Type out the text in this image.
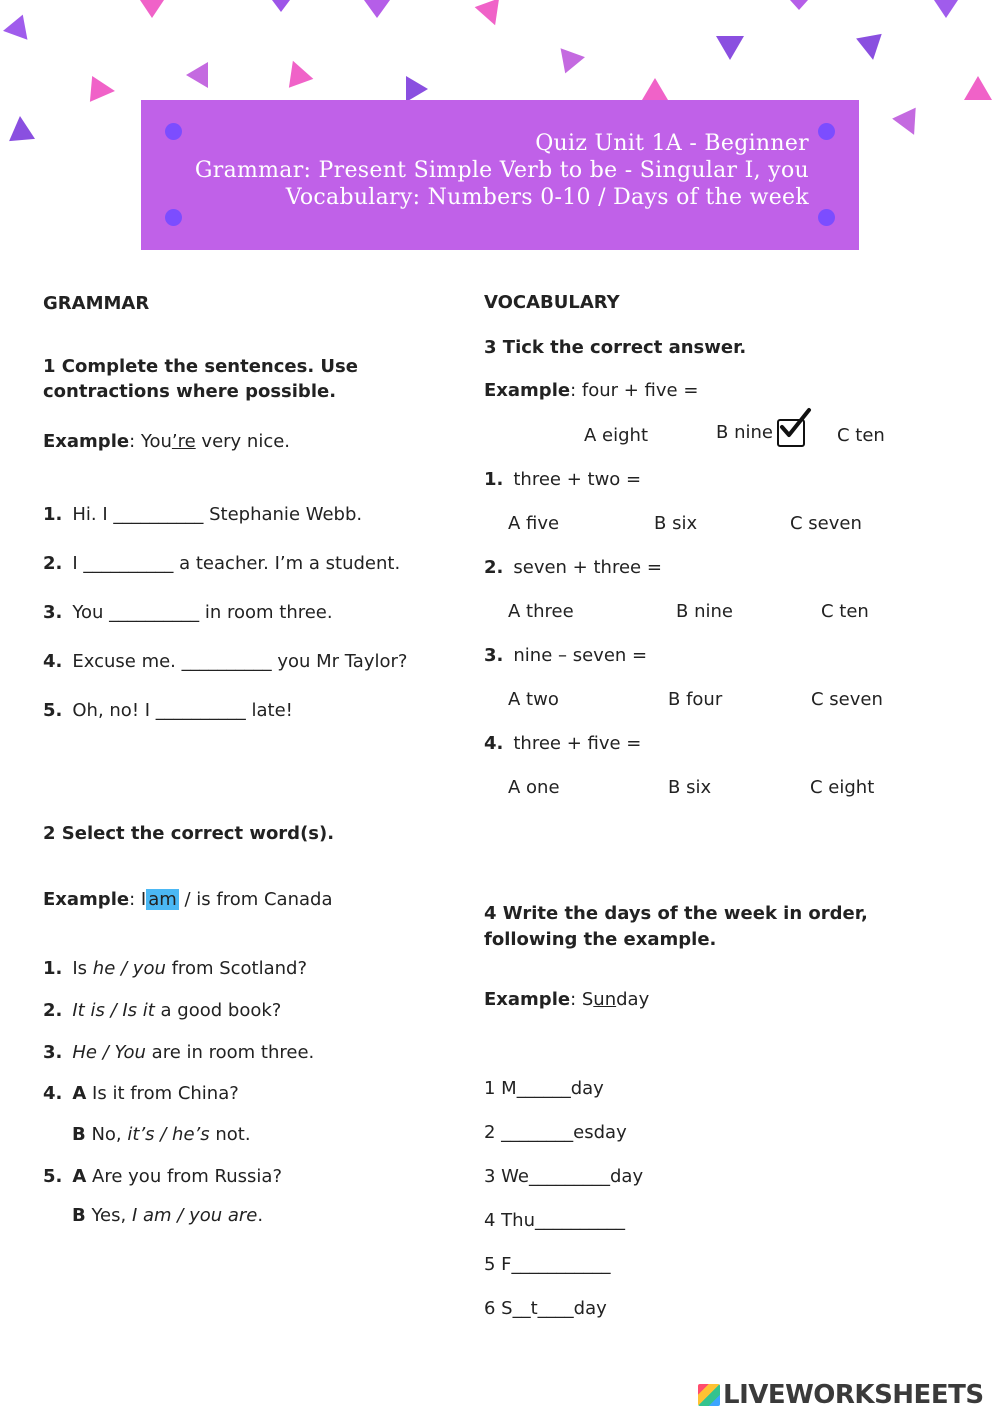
Quiz Unit 1A - Beginner
Grammar: Present Simple Verb to be - Singular I, you
Vocabulary: Numbers 0-10 / Days of the week
GRAMMAR
1 Complete the sentences. Use
contractions where possible.
Example: You’re very nice.
1. Hi. I __________ Stephanie Webb.
2. I __________ a teacher. I’m a student.
3. You __________ in room three.
4. Excuse me. __________ you Mr Taylor?
5. Oh, no! I __________ late!
2 Select the correct word(s).
Example: I am / is from Canada
1. Is he / you from Scotland?
2. It is / Is it a good book?
3. He / You are in room three.
4. A Is it from China?
B No, it’s / he’s not.
5. A Are you from Russia?
B Yes, I am / you are.
VOCABULARY
3 Tick the correct answer.
Example: four + five =
A eight	B nine	C ten
1. three + two =
A five	B six	C seven
2. seven + three =
A three	B nine	C ten
3. nine – seven =
A two	B four	C seven
4. three + five =
A one	B six	C eight
4 Write the days of the week in order,
following the example.
Example: Sunday
1 M______day
2 ________esday
3 We_________day
4 Thu__________
5 F___________
6 S__t____day
LIVEWORKSHEETS
